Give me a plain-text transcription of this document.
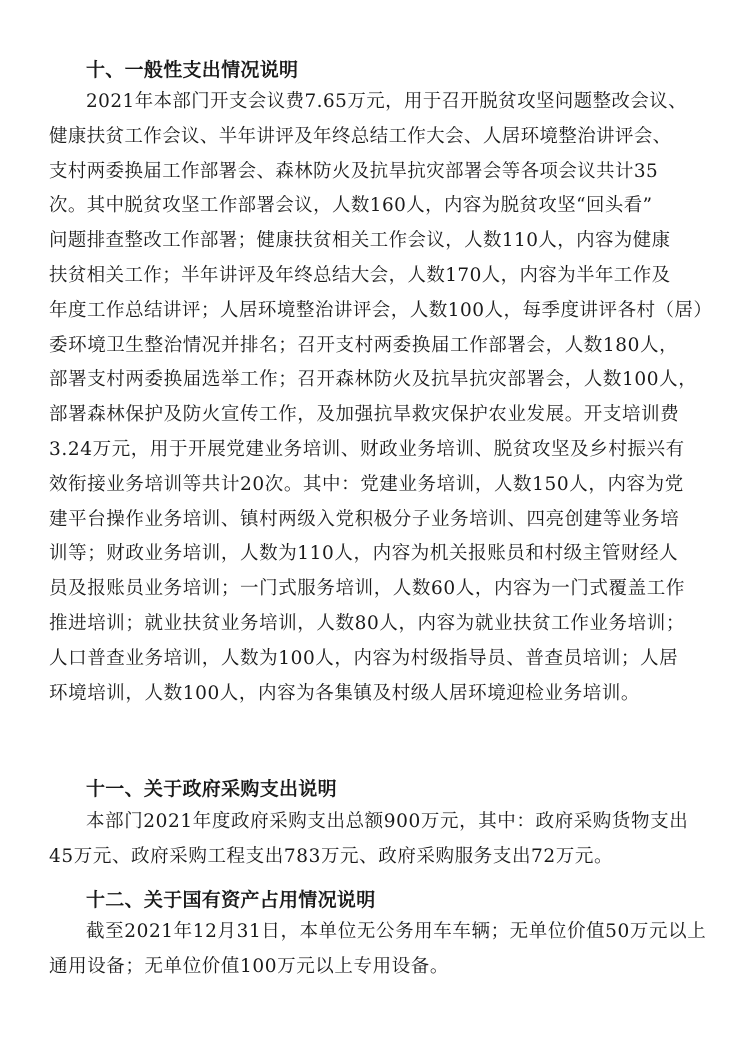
十、一般性支出情况说明
2021年本部门开支会议费7.65万元，用于召开脱贫攻坚问题整改会议、
健康扶贫工作会议、半年讲评及年终总结工作大会、人居环境整治讲评会、
支村两委换届工作部署会、森林防火及抗旱抗灾部署会等各项会议共计35
次。其中脱贫攻坚工作部署会议，人数160人，内容为脱贫攻坚“回头看”
问题排查整改工作部署；健康扶贫相关工作会议，人数110人，内容为健康
扶贫相关工作；半年讲评及年终总结大会，人数170人，内容为半年工作及
年度工作总结讲评；人居环境整治讲评会，人数100人，每季度讲评各村（居）
委环境卫生整治情况并排名；召开支村两委换届工作部署会，人数180人，
部署支村两委换届选举工作；召开森林防火及抗旱抗灾部署会，人数100人，
部署森林保护及防火宣传工作，及加强抗旱救灾保护农业发展。开支培训费
3.24万元，用于开展党建业务培训、财政业务培训、脱贫攻坚及乡村振兴有
效衔接业务培训等共计20次。其中：党建业务培训，人数150人，内容为党
建平台操作业务培训、镇村两级入党积极分子业务培训、四亮创建等业务培
训等；财政业务培训，人数为110人，内容为机关报账员和村级主管财经人
员及报账员业务培训；一门式服务培训，人数60人，内容为一门式覆盖工作
推进培训；就业扶贫业务培训，人数80人，内容为就业扶贫工作业务培训；
人口普查业务培训，人数为100人，内容为村级指导员、普查员培训；人居
环境培训，人数100人，内容为各集镇及村级人居环境迎检业务培训。
十一、关于政府采购支出说明
本部门2021年度政府采购支出总额900万元，其中：政府采购货物支出
45万元、政府采购工程支出783万元、政府采购服务支出72万元。
十二、关于国有资产占用情况说明
截至2021年12月31日，本单位无公务用车车辆；无单位价值50万元以上
通用设备；无单位价值100万元以上专用设备。
